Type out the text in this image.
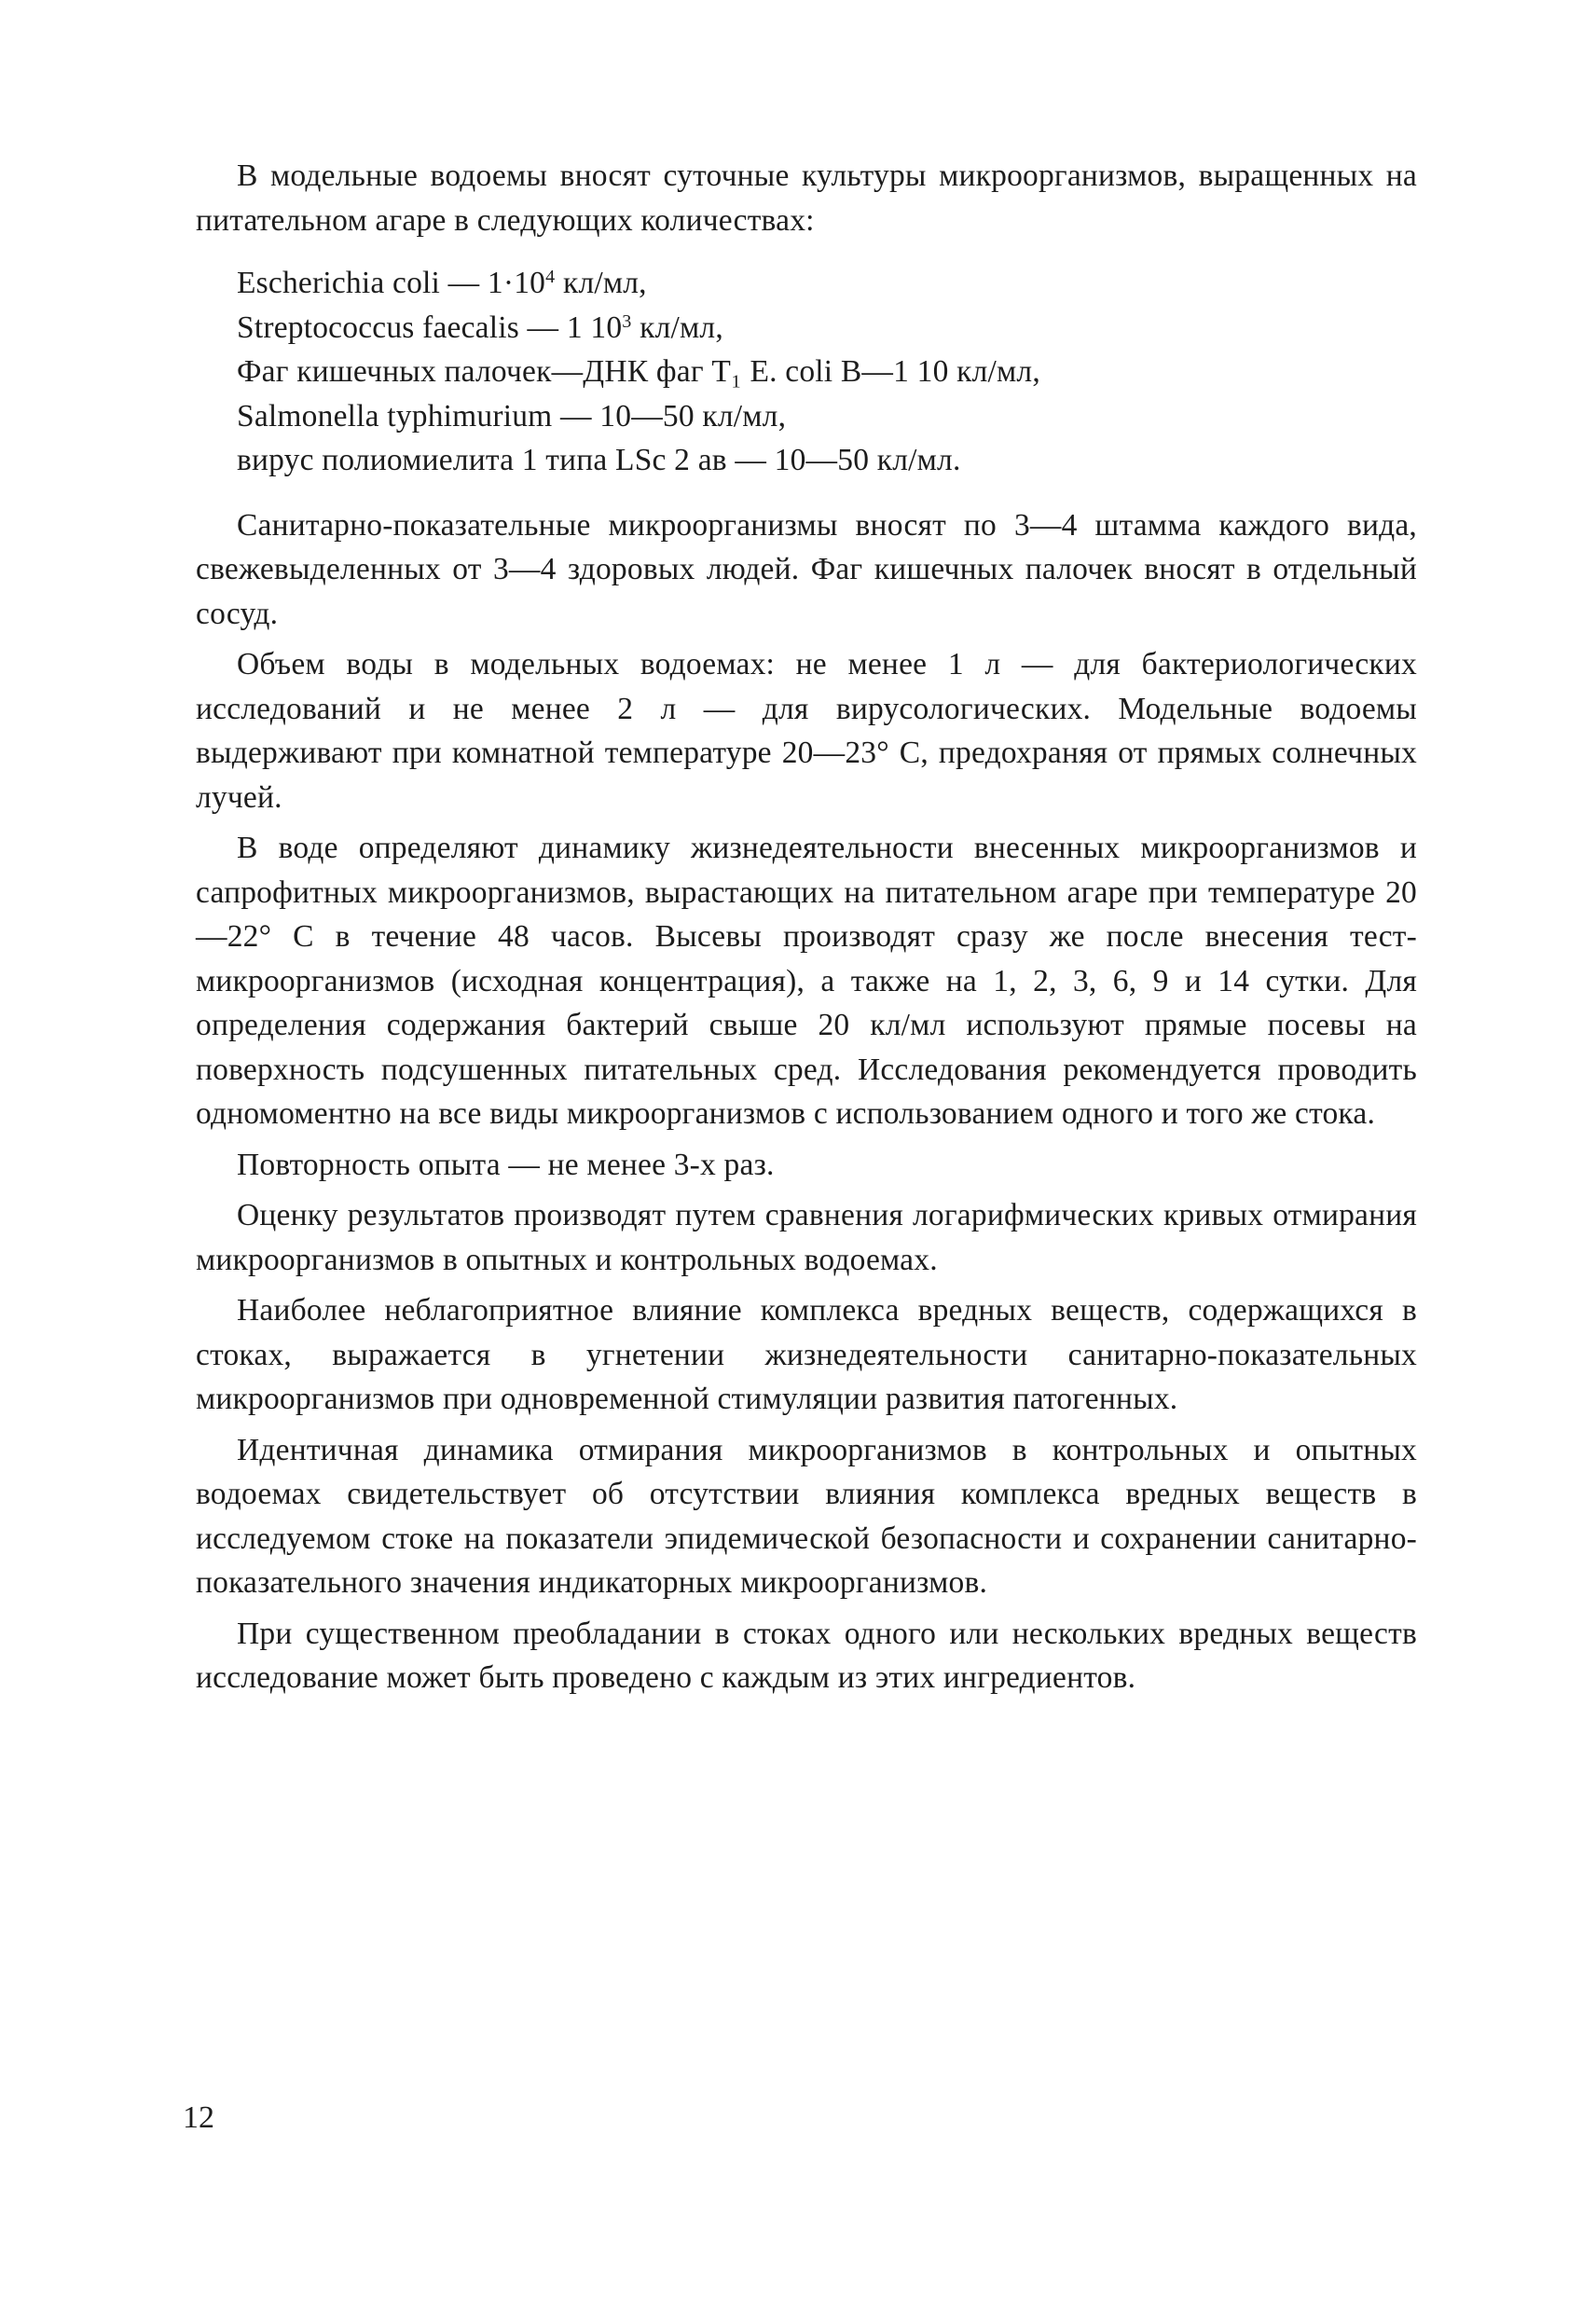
В модельные водоемы вносят суточные культуры микроорганизмов, выращенных на питательном агаре в следующих количествах:

Escherichia coli — $1\cdot 10^4$ кл/мл,
Streptococcus faecalis — 1 $10^3$ кл/мл,
Фаг кишечных палочек—ДНК фаг T₁ E. coli B—1 10 кл/мл,
Salmonella typhimurium — 10—50 кл/мл,
вирус полиомиелита 1 типа LSc 2 ав — 10—50 кл/мл.

Санитарно-показательные микроорганизмы вносят по 3—4 штамма каждого вида, свежевыделенных от 3—4 здоровых людей. Фаг кишечных палочек вносят в отдельный сосуд.

Объем воды в модельных водоемах: не менее 1 л — для бактериологических исследований и не менее 2 л — для вирусологических. Модельные водоемы выдерживают при комнатной температуре 20—23° С, предохраняя от прямых солнечных лучей.

В воде определяют динамику жизнедеятельности внесенных микроорганизмов и сапрофитных микроорганизмов, вырастающих на питательном агаре при температуре 20—22° С в течение 48 часов. Высевы производят сразу же после внесения тест-микроорганизмов (исходная концентрация), а также на 1, 2, 3, 6, 9 и 14 сутки. Для определения содержания бактерий свыше 20 кл/мл используют прямые посевы на поверхность подсушенных питательных сред. Исследования рекомендуется проводить одномоментно на все виды микроорганизмов с использованием одного и того же стока.

Повторность опыта — не менее 3-х раз.

Оценку результатов производят путем сравнения логарифмических кривых отмирания микроорганизмов в опытных и контрольных водоемах.

Наиболее неблагоприятное влияние комплекса вредных веществ, содержащихся в стоках, выражается в угнетении жизнедеятельности санитарно-показательных микроорганизмов при одновременной стимуляции развития патогенных.

Идентичная динамика отмирания микроорганизмов в контрольных и опытных водоемах свидетельствует об отсутствии влияния комплекса вредных веществ в исследуемом стоке на показатели эпидемической безопасности и сохранении санитарно-показательного значения индикаторных микроорганизмов.

При существенном преобладании в стоках одного или нескольких вредных веществ исследование может быть проведено с каждым из этих ингредиентов.

12
